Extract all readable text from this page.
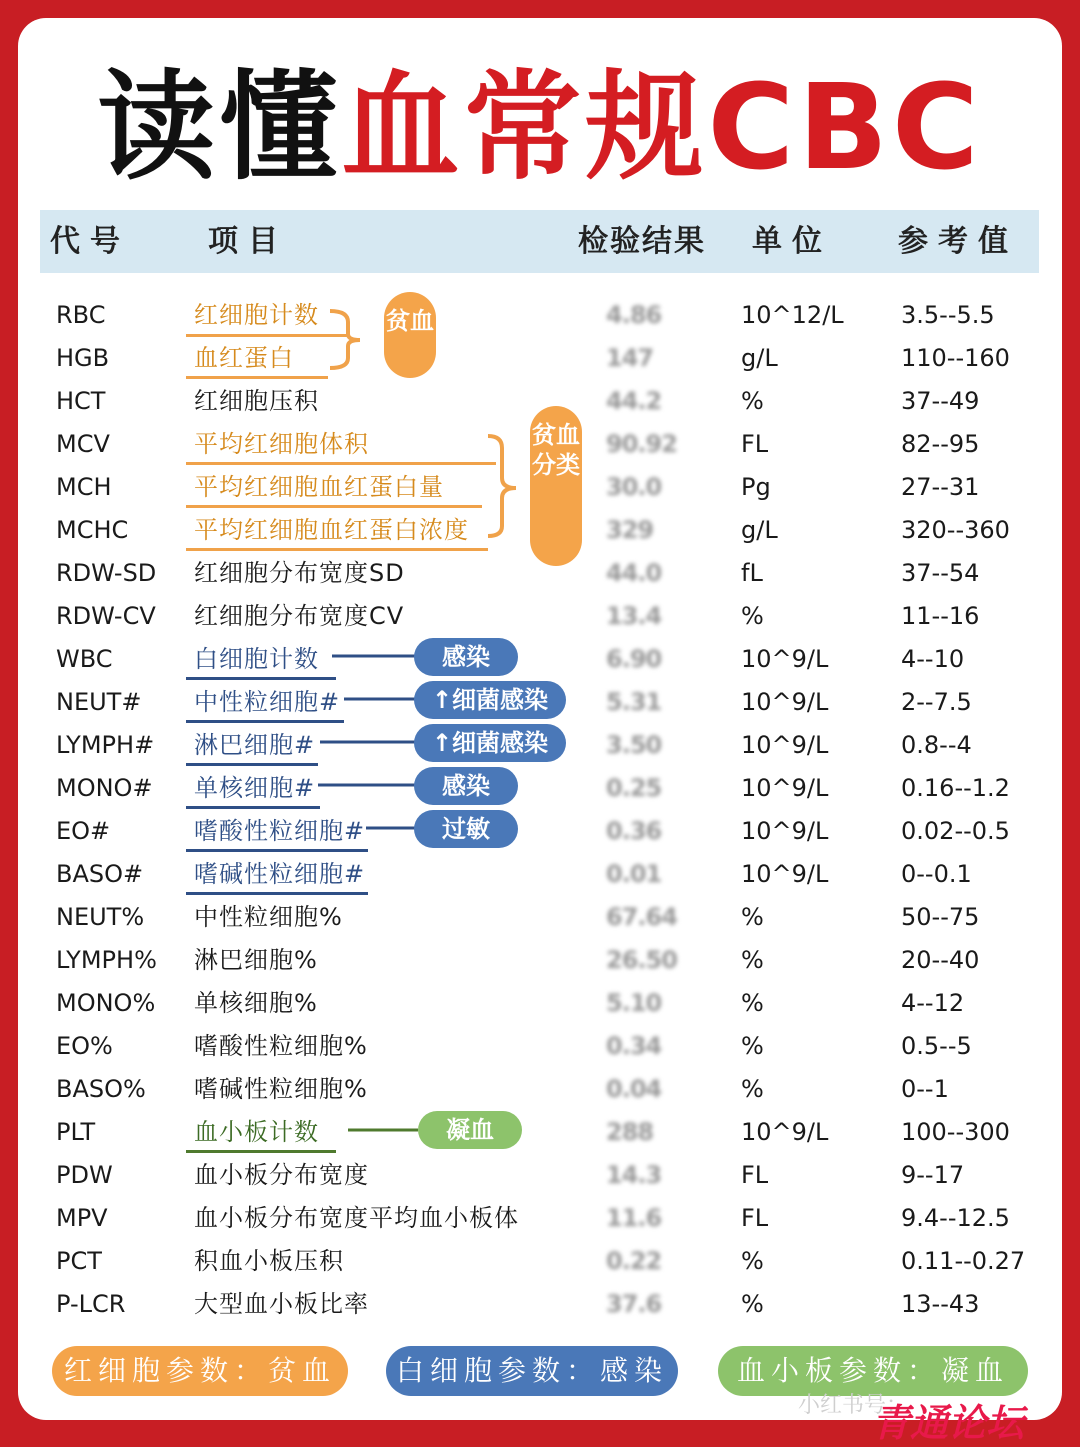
读懂血常规CBC
代号	项目	检验结果 单位 参考值
RBC	红细胞计数	4.86	10^12/L 3.5--5.5
HGB	血红蛋白	147	g/L	110--160
HCT	红细胞压积	44.2	%	37--49
MCV	平均红细胞体积	90.92	FL	82--95
MCH	平均红细胞血红蛋白量	30.0	Pg	27--31
MCHC	平均红细胞血红蛋白浓度	329	g/L	320--360
RDW-SD 红细胞分布宽度SD	44.0	fL	37--54
RDW-CV 红细胞分布宽度CV	13.4	%	11--16
WBC	白细胞计数	6.90	10^9/L	4--10
NEUT# 中性粒细胞#	5.31	10^9/L	2--7.5
LYMPH# 淋巴细胞#	3.50	10^9/L	0.8--4
MONO# 单核细胞#	0.25	10^9/L	0.16--1.2
EO#	嗜酸性粒细胞#	0.36	10^9/L	0.02--0.5
BASO# 嗜碱性粒细胞#	0.01	10^9/L	0--0.1
NEUT% 中性粒细胞%	67.64	%	50--75
LYMPH% 淋巴细胞%	26.50	%	20--40
MONO% 单核细胞%	5.10	%	4--12
EO%	嗜酸性粒细胞%	0.34	%	0.5--5
BASO% 嗜碱性粒细胞%	0.04	%	0--1
PLT	血小板计数	288	10^9/L	100--300
PDW	血小板分布宽度	14.3	FL	9--17
MPV	血小板分布宽度平均血小板体	11.6	FL	9.4--12.5
PCT	积血小板压积	0.22	%	0.11--0.27
P-LCR	大型血小板比率	37.6	%	13--43
贫血
贫血分类
感染
↑细菌感染
↑细菌感染
感染
过敏
凝血
红细胞参数：贫血	白细胞参数：感染	血小板参数：凝血
小红书号：
青通论坛
